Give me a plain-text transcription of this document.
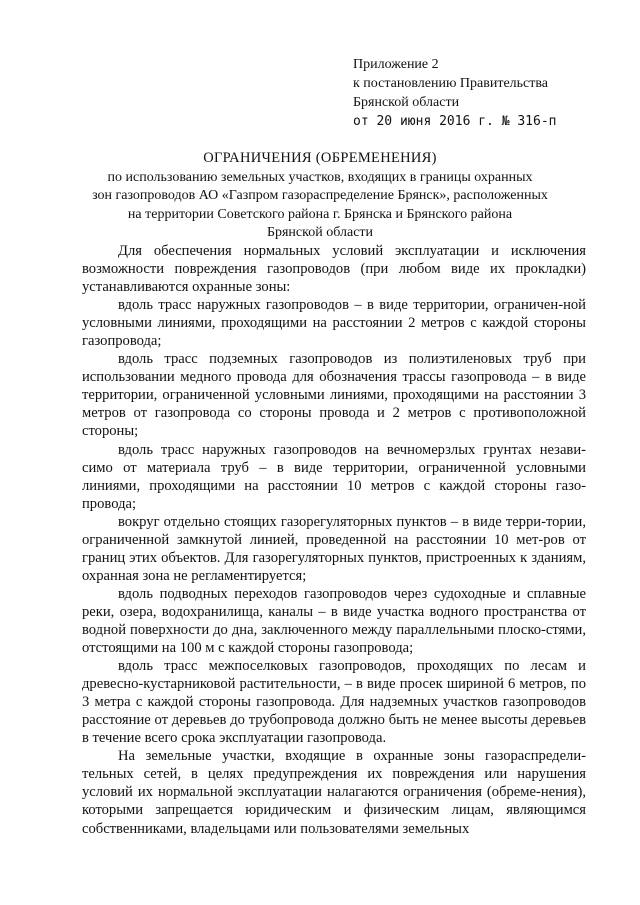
Приложение 2
к постановлению Правительства
Брянской области
от 20 июня 2016 г. № 316-п
ОГРАНИЧЕНИЯ (ОБРЕМЕНЕНИЯ)
по использованию земельных участков, входящих в границы охранных
зон газопроводов АО «Газпром газораспределение Брянск», расположенных
на территории Советского района г. Брянска и Брянского района
Брянской области

Для обеспечения нормальных условий эксплуатации и исключения возможности повреждения газопроводов (при любом виде их прокладки) устанавливаются охранные зоны:

вдоль трасс наружных газопроводов – в виде территории, ограничен-ной условными линиями, проходящими на расстоянии 2 метров с каждой стороны газопровода;

вдоль трасс подземных газопроводов из полиэтиленовых труб при использовании медного провода для обозначения трассы газопровода – в виде территории, ограниченной условными линиями, проходящими на расстоянии 3 метров от газопровода со стороны провода и 2 метров с противоположной стороны;

вдоль трасс наружных газопроводов на вечномерзлых грунтах незави-симо от материала труб – в виде территории, ограниченной условными линиями, проходящими на расстоянии 10 метров с каждой стороны газо-провода;

вокруг отдельно стоящих газорегуляторных пунктов – в виде терри-тории, ограниченной замкнутой линией, проведенной на расстоянии 10 мет-ров от границ этих объектов. Для газорегуляторных пунктов, пристроенных к зданиям, охранная зона не регламентируется;

вдоль подводных переходов газопроводов через судоходные и сплавные реки, озера, водохранилища, каналы – в виде участка водного пространства от водной поверхности до дна, заключенного между параллельными плоско-стями, отстоящими на 100 м с каждой стороны газопровода;

вдоль трасс межпоселковых газопроводов, проходящих по лесам и древесно-кустарниковой растительности, – в виде просек шириной 6 метров, по 3 метра с каждой стороны газопровода. Для надземных участков газопроводов расстояние от деревьев до трубопровода должно быть не менее высоты деревьев в течение всего срока эксплуатации газопровода.

На земельные участки, входящие в охранные зоны газораспредели-тельных сетей, в целях предупреждения их повреждения или нарушения условий их нормальной эксплуатации налагаются ограничения (обреме-нения), которыми запрещается юридическим и физическим лицам, являющимся собственниками, владельцами или пользователями земельных
